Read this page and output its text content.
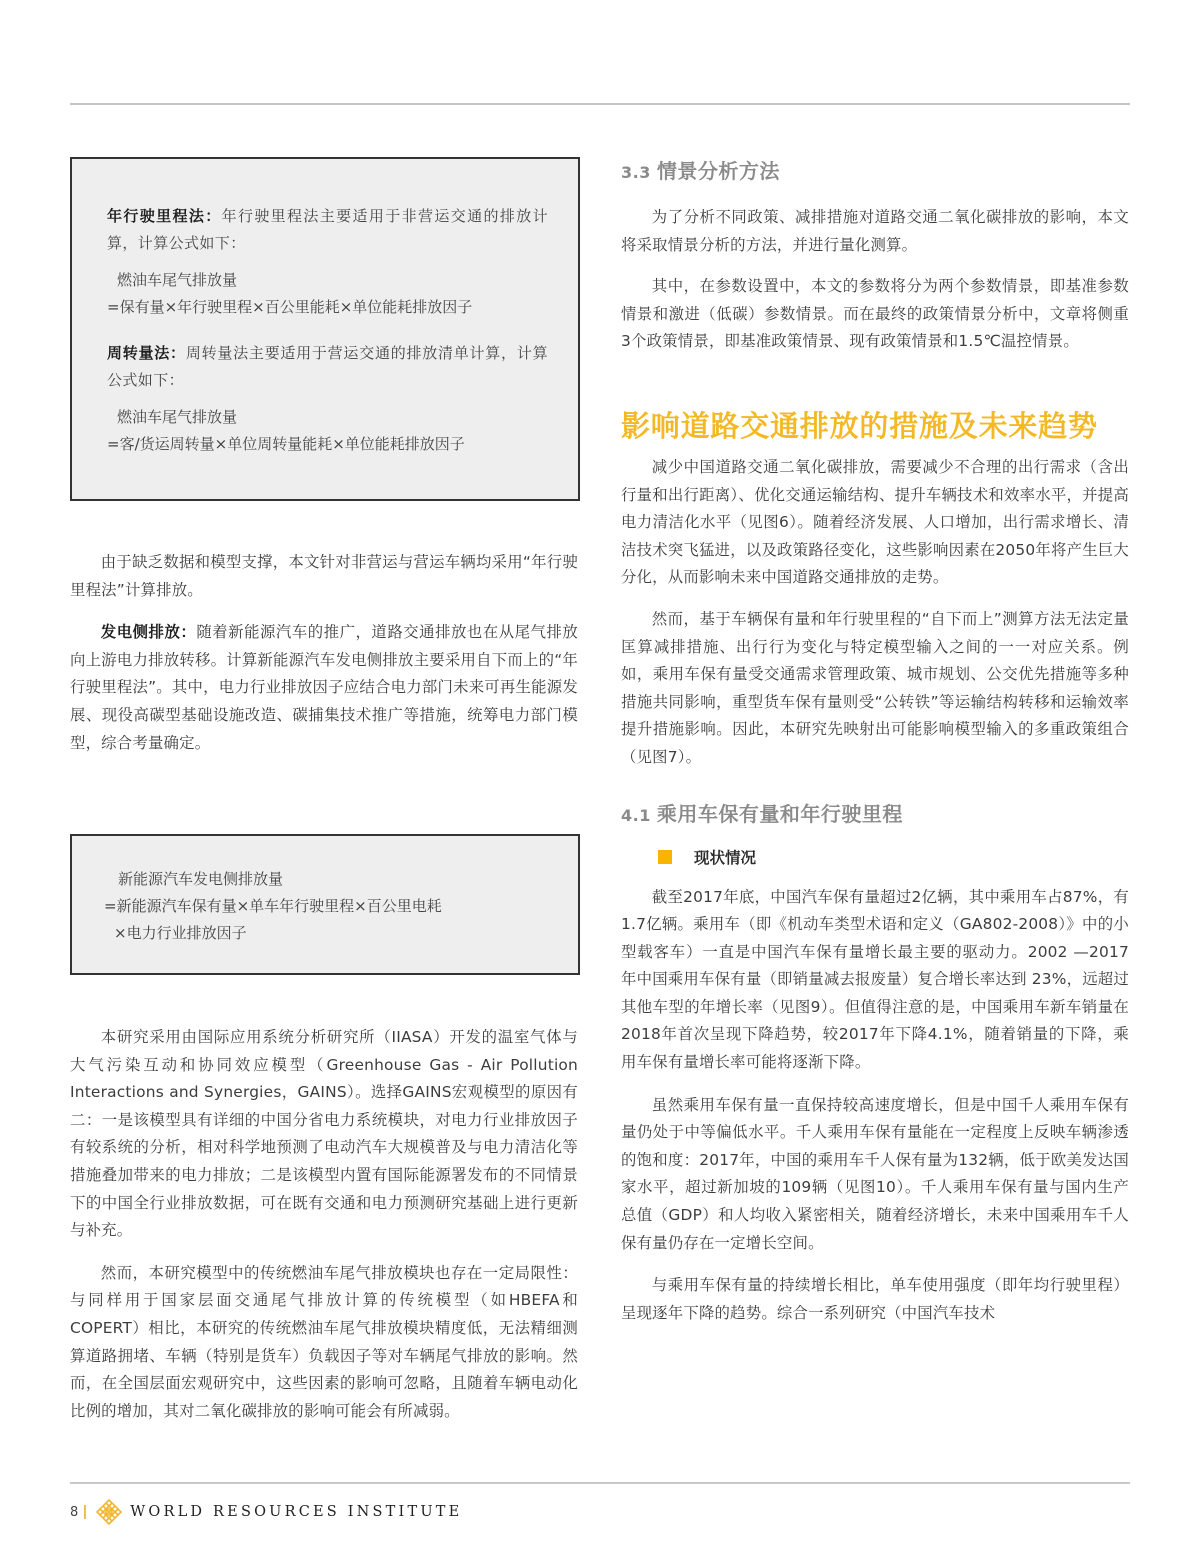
年行驶里程法：年行驶里程法主要适用于非营运交通的排放计算，计算公式如下：
燃油车尾气排放量
=保有量×年行驶里程×百公里能耗×单位能耗排放因子
周转量法：周转量法主要适用于营运交通的排放清单计算，计算公式如下：
燃油车尾气排放量
=客/货运周转量×单位周转量能耗×单位能耗排放因子

由于缺乏数据和模型支撑，本文针对非营运与营运车辆均采用“年行驶里程法”计算排放。

发电侧排放：随着新能源汽车的推广，道路交通排放也在从尾气排放向上游电力排放转移。计算新能源汽车发电侧排放主要采用自下而上的“年行驶里程法”。其中，电力行业排放因子应结合电力部门未来可再生能源发展、现役高碳型基础设施改造、碳捕集技术推广等措施，统筹电力部门模型，综合考量确定。

新能源汽车发电侧排放量
=新能源汽车保有量×单车年行驶里程×百公里电耗
×电力行业排放因子

本研究采用由国际应用系统分析研究所（IIASA）开发的温室气体与大气污染互动和协同效应模型（Greenhouse Gas - Air Pollution Interactions and Synergies，GAINS）。选择GAINS宏观模型的原因有二：一是该模型具有详细的中国分省电力系统模块，对电力行业排放因子有较系统的分析，相对科学地预测了电动汽车大规模普及与电力清洁化等措施叠加带来的电力排放；二是该模型内置有国际能源署发布的不同情景下的中国全行业排放数据，可在既有交通和电力预测研究基础上进行更新与补充。

然而，本研究模型中的传统燃油车尾气排放模块也存在一定局限性：与同样用于国家层面交通尾气排放计算的传统模型（如HBEFA和COPERT）相比，本研究的传统燃油车尾气排放模块精度低，无法精细测算道路拥堵、车辆（特别是货车）负载因子等对车辆尾气排放的影响。然而，在全国层面宏观研究中，这些因素的影响可忽略，且随着车辆电动化比例的增加，其对二氧化碳排放的影响可能会有所减弱。

3.3 情景分析方法

为了分析不同政策、减排措施对道路交通二氧化碳排放的影响，本文将采取情景分析的方法，并进行量化测算。

其中，在参数设置中，本文的参数将分为两个参数情景，即基准参数情景和激进（低碳）参数情景。而在最终的政策情景分析中，文章将侧重3个政策情景，即基准政策情景、现有政策情景和1.5℃温控情景。

影响道路交通排放的措施及未来趋势

减少中国道路交通二氧化碳排放，需要减少不合理的出行需求（含出行量和出行距离）、优化交通运输结构、提升车辆技术和效率水平，并提高电力清洁化水平（见图6）。随着经济发展、人口增加，出行需求增长、清洁技术突飞猛进，以及政策路径变化，这些影响因素在2050年将产生巨大分化，从而影响未来中国道路交通排放的走势。

然而，基于车辆保有量和年行驶里程的“自下而上”测算方法无法定量匡算减排措施、出行行为变化与特定模型输入之间的一一对应关系。例如，乘用车保有量受交通需求管理政策、城市规划、公交优先措施等多种措施共同影响，重型货车保有量则受“公转铁”等运输结构转移和运输效率提升措施影响。因此，本研究先映射出可能影响模型输入的多重政策组合（见图7）。

4.1 乘用车保有量和年行驶里程
现状情况

截至2017年底，中国汽车保有量超过2亿辆，其中乘用车占87%，有1.7亿辆。乘用车（即《机动车类型术语和定义（GA802-2008）》中的小型载客车）一直是中国汽车保有量增长最主要的驱动力。2002 —2017 年中国乘用车保有量（即销量减去报废量）复合增长率达到 23%，远超过其他车型的年增长率（见图9）。但值得注意的是，中国乘用车新车销量在2018年首次呈现下降趋势，较2017年下降4.1%，随着销量的下降，乘用车保有量增长率可能将逐渐下降。

虽然乘用车保有量一直保持较高速度增长，但是中国千人乘用车保有量仍处于中等偏低水平。千人乘用车保有量能在一定程度上反映车辆渗透的饱和度：2017年，中国的乘用车千人保有量为132辆，低于欧美发达国家水平，超过新加坡的109辆（见图10）。千人乘用车保有量与国内生产总值（GDP）和人均收入紧密相关，随着经济增长，未来中国乘用车千人保有量仍存在一定增长空间。

与乘用车保有量的持续增长相比，单车使用强度（即年均行驶里程）呈现逐年下降的趋势。综合一系列研究（中国汽车技术

8	WORLD RESOURCES INSTITUTE
